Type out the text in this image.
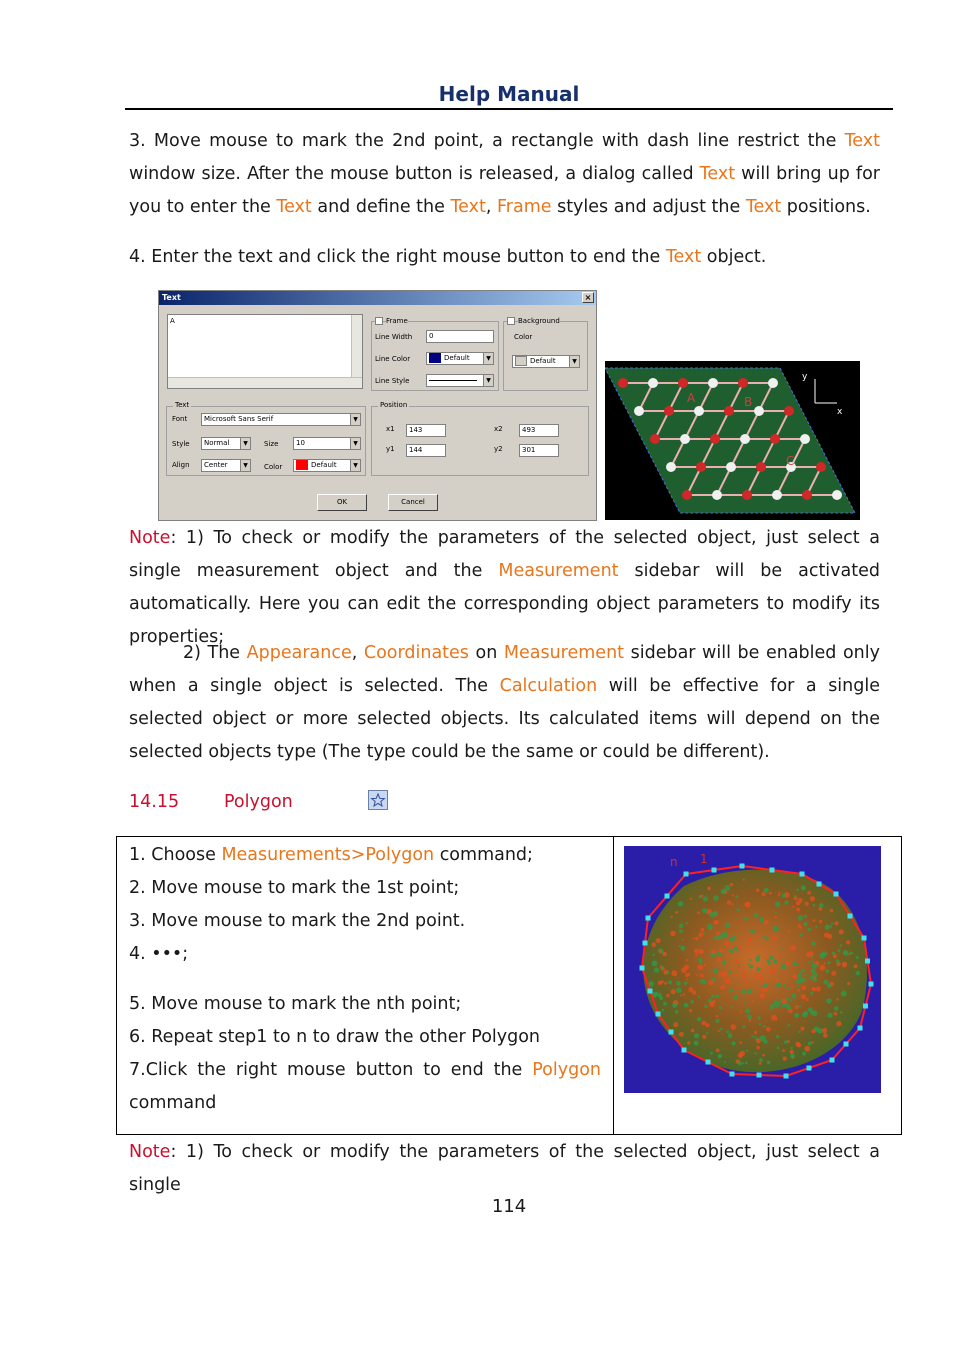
Help Manual
3. Move mouse to mark the 2nd point, a rectangle with dash line restrict the Text window size. After the mouse button is released, a dialog called Text will bring up for you to enter the Text and define the Text, Frame styles and adjust the Text positions.
4. Enter the text and click the right mouse button to end the Text object.
Text	×
A	Frame
Line Width	0
Line Color	Default	▼
Line Style	▼
Background
Color
Default	▼
Text
Font	Microsoft Sans Serif	▼
Style	Normal	▼	Size	10	▼
Align	Center	▼	Color	Default	▼
Position
x1	143
y1	144
x2	493
y2	301
OK	Cancel
A	B
C
y
x
Note: 1) To check or modify the parameters of the selected object, just select a single measurement object and the Measurement sidebar will be activated automatically. Here you can edit the corresponding object parameters to modify its properties;
2) The Appearance, Coordinates on Measurement sidebar will be enabled only when a single object is selected. The Calculation will be effective for a single selected object or more selected objects. Its calculated items will depend on the selected objects type (The type could be the same or could be different).
14.15	Polygon
1. Choose Measurements>Polygon command;
2. Move mouse to mark the 1st point;
3. Move mouse to mark the 2nd point.
4. •••;
5. Move mouse to mark the nth point;
6. Repeat step1 to n to draw the other Polygon
7.Click the right mouse button to end the Polygon
command
n 1
Note: 1) To check or modify the parameters of the selected object, just select a single
114
